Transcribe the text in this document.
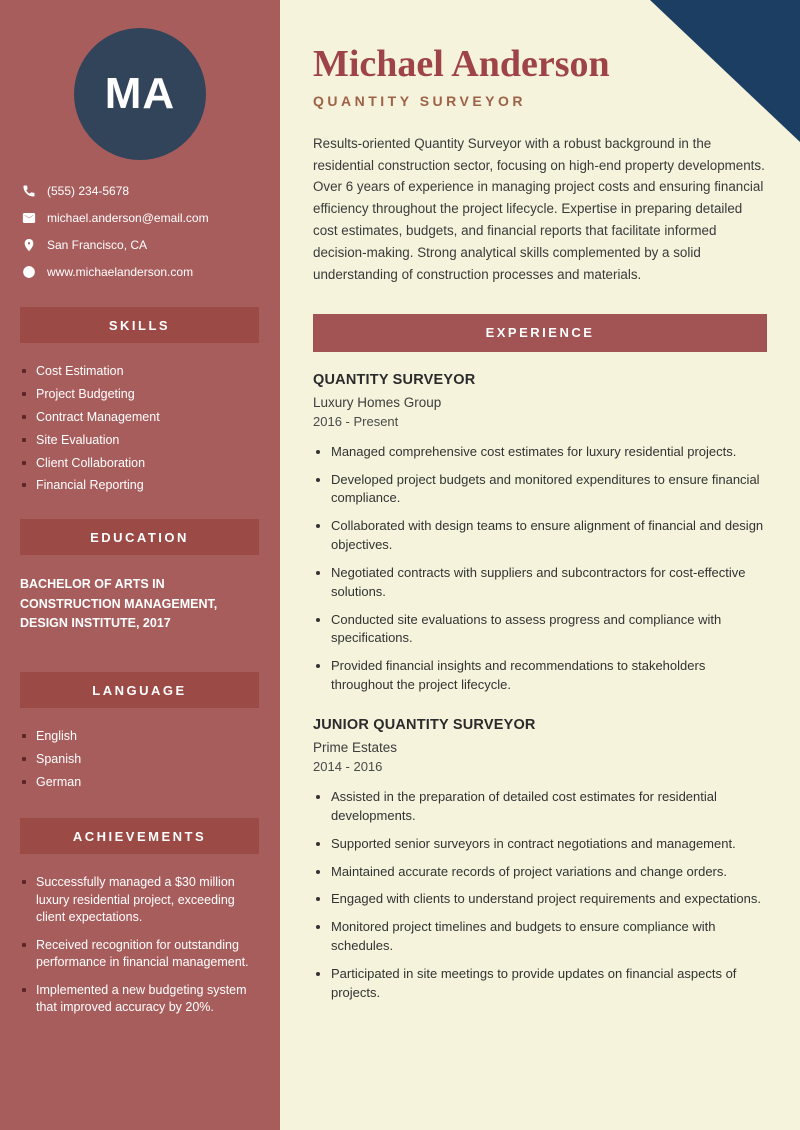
MA
(555) 234-5678
michael.anderson@email.com
San Francisco, CA
www.michaelanderson.com
SKILLS
Cost Estimation
Project Budgeting
Contract Management
Site Evaluation
Client Collaboration
Financial Reporting
EDUCATION

BACHELOR OF ARTS IN CONSTRUCTION MANAGEMENT, DESIGN INSTITUTE, 2017

LANGUAGE
English
Spanish
German
ACHIEVEMENTS
Successfully managed a $30 million luxury residential project, exceeding client expectations.
Received recognition for outstanding performance in financial management.
Implemented a new budgeting system that improved accuracy by 20%.
Michael Anderson
QUANTITY SURVEYOR

Results-oriented Quantity Surveyor with a robust background in the residential construction sector, focusing on high-end property developments. Over 6 years of experience in managing project costs and ensuring financial efficiency throughout the project lifecycle. Expertise in preparing detailed cost estimates, budgets, and financial reports that facilitate informed decision-making. Strong analytical skills complemented by a solid understanding of construction processes and materials.

EXPERIENCE
QUANTITY SURVEYOR
Luxury Homes Group
2016 - Present
• Managed comprehensive cost estimates for luxury residential projects.
• Developed project budgets and monitored expenditures to ensure financial compliance.
• Collaborated with design teams to ensure alignment of financial and design objectives.
• Negotiated contracts with suppliers and subcontractors for cost-effective solutions.
• Conducted site evaluations to assess progress and compliance with specifications.
• Provided financial insights and recommendations to stakeholders throughout the project lifecycle.
JUNIOR QUANTITY SURVEYOR
Prime Estates
2014 - 2016
• Assisted in the preparation of detailed cost estimates for residential developments.
• Supported senior surveyors in contract negotiations and management.
• Maintained accurate records of project variations and change orders.
• Engaged with clients to understand project requirements and expectations.
• Monitored project timelines and budgets to ensure compliance with schedules.
• Participated in site meetings to provide updates on financial aspects of projects.
